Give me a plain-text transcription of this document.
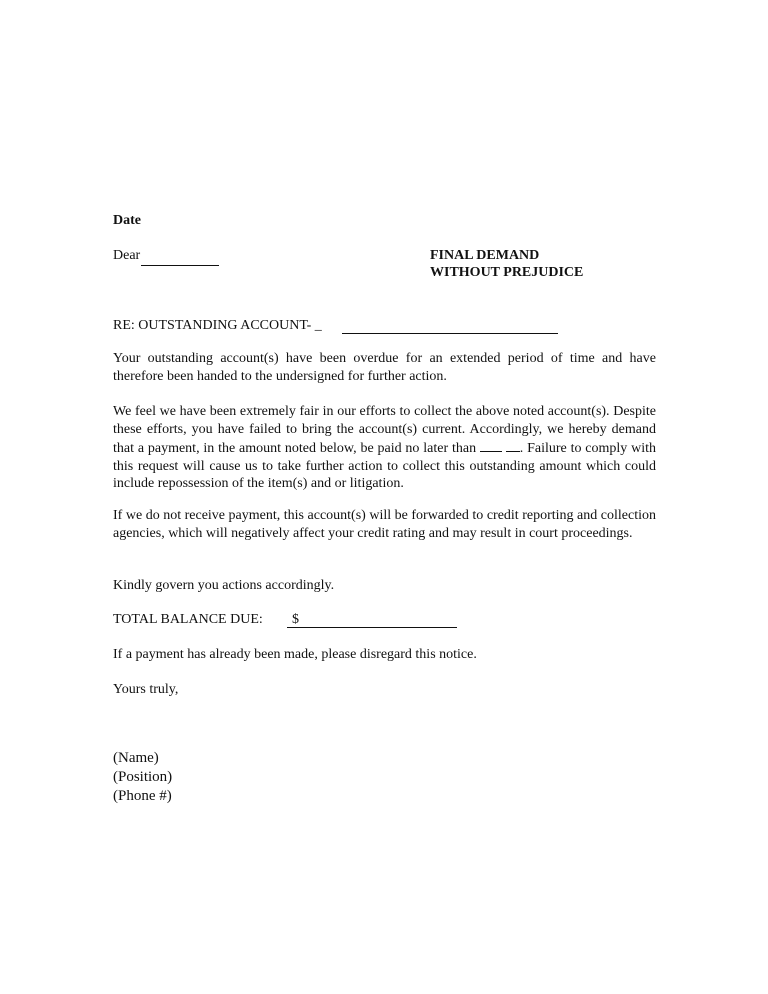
Date
Dear	FINAL DEMAND
WITHOUT PREJUDICE
RE: OUTSTANDING ACCOUNT- _
Your outstanding account(s) have been overdue for an extended period of time and have therefore been handed to the undersigned for further action.
We feel we have been extremely fair in our efforts to collect the above noted account(s). Despite these efforts, you have failed to bring the account(s) current. Accordingly, we hereby demand that a payment, in the amount noted below, be paid no later than	. Failure to comply with this request will cause us to take further action to collect this outstanding amount which could include repossession of the item(s) and or litigation.
If we do not receive payment, this account(s) will be forwarded to credit reporting and collection agencies, which will negatively affect your credit rating and may result in court proceedings.
Kindly govern you actions accordingly.
TOTAL BALANCE DUE: $
If a payment has already been made, please disregard this notice.
Yours truly,
(Name)
(Position)
(Phone #)
